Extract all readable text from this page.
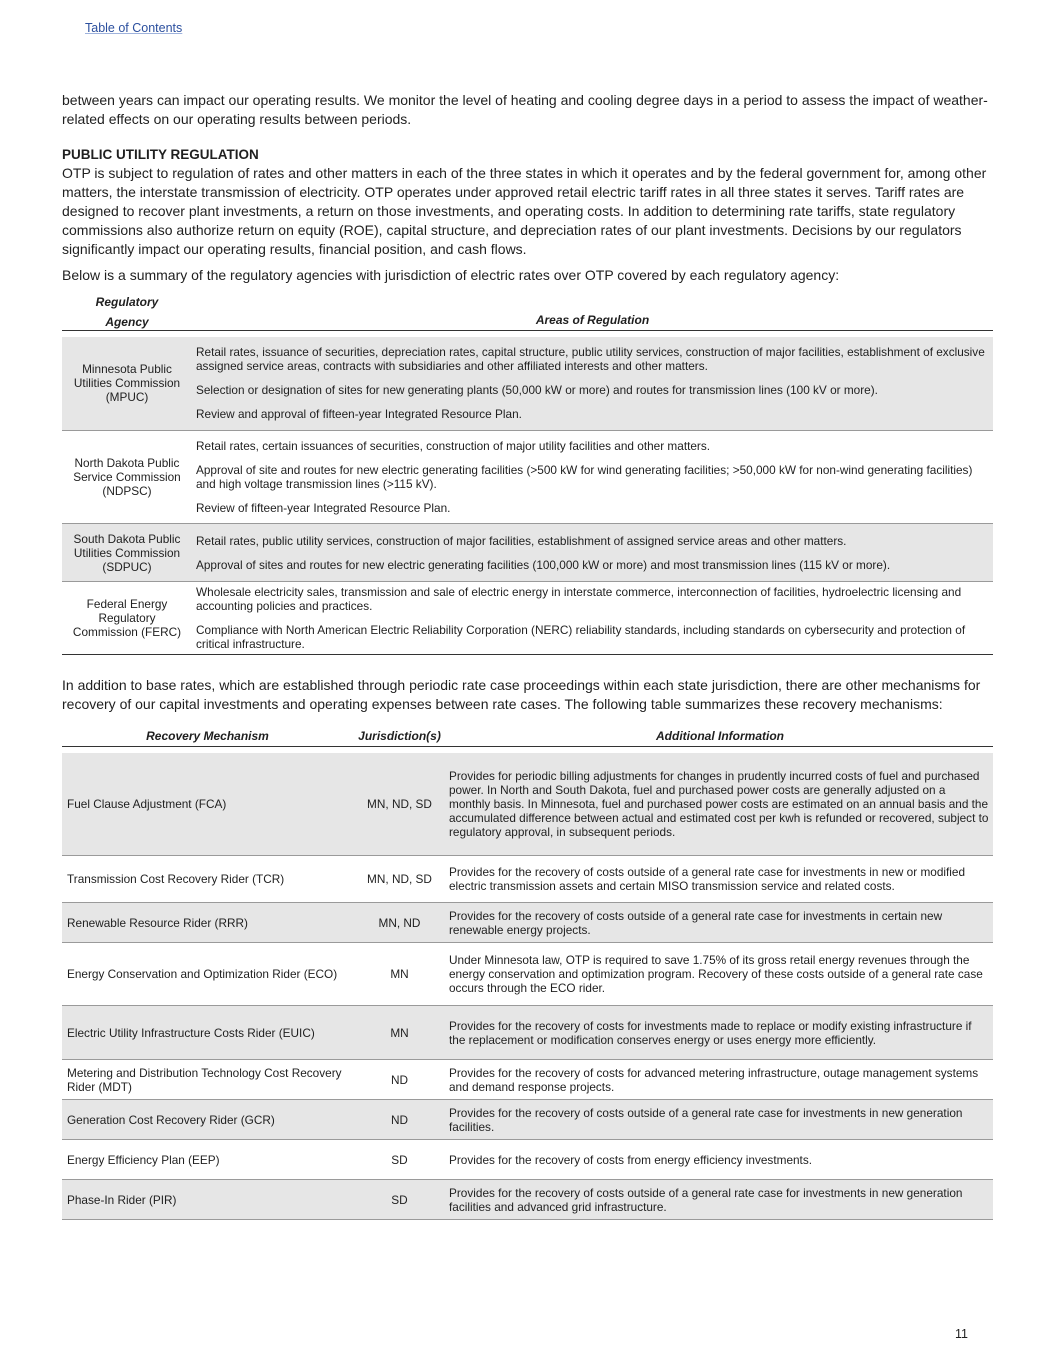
Table of Contents

between years can impact our operating results. We monitor the level of heating and cooling degree days in a period to assess the impact of weather-related effects on our operating results between periods.

PUBLIC UTILITY REGULATION

OTP is subject to regulation of rates and other matters in each of the three states in which it operates and by the federal government for, among other matters, the interstate transmission of electricity. OTP operates under approved retail electric tariff rates in all three states it serves. Tariff rates are designed to recover plant investments, a return on those investments, and operating costs. In addition to determining rate tariffs, state regulatory commissions also authorize return on equity (ROE), capital structure, and depreciation rates of our plant investments. Decisions by our regulators significantly impact our operating results, financial position, and cash flows.

Below is a summary of the regulatory agencies with jurisdiction of electric rates over OTP covered by each regulatory agency:

Regulatory	
Agency	Areas of Regulation

Minnesota Public Utilities Commission (MPUC)	Retail rates, issuance of securities, depreciation rates, capital structure, public utility services, construction of major facilities, establishment of exclusive assigned service areas, contracts with subsidiaries and other affiliated interests and other matters.

Selection or designation of sites for new generating plants (50,000 kW or more) and routes for transmission lines (100 kV or more).

Review and approval of fifteen-year Integrated Resource Plan.

North Dakota Public Service Commission (NDPSC)	Retail rates, certain issuances of securities, construction of major utility facilities and other matters.

Approval of site and routes for new electric generating facilities (>500 kW for wind generating facilities; >50,000 kW for non-wind generating facilities) and high voltage transmission lines (>115 kV).

Review of fifteen-year Integrated Resource Plan.

South Dakota Public Utilities Commission (SDPUC)	Retail rates, public utility services, construction of major facilities, establishment of assigned service areas and other matters.

Approval of sites and routes for new electric generating facilities (100,000 kW or more) and most transmission lines (115 kV or more).

Federal Energy Regulatory Commission (FERC)	Wholesale electricity sales, transmission and sale of electric energy in interstate commerce, interconnection of facilities, hydroelectric licensing and accounting policies and practices.

Compliance with North American Electric Reliability Corporation (NERC) reliability standards, including standards on cybersecurity and protection of critical infrastructure.

In addition to base rates, which are established through periodic rate case proceedings within each state jurisdiction, there are other mechanisms for recovery of our capital investments and operating expenses between rate cases. The following table summarizes these recovery mechanisms:

Recovery Mechanism	Jurisdiction(s)	Additional Information

Fuel Clause Adjustment (FCA)	MN, ND, SD	Provides for periodic billing adjustments for changes in prudently incurred costs of fuel and purchased power. In North and South Dakota, fuel and purchased power costs are generally adjusted on a monthly basis. In Minnesota, fuel and purchased power costs are estimated on an annual basis and the accumulated difference between actual and estimated cost per kwh is refunded or recovered, subject to regulatory approval, in subsequent periods.
Transmission Cost Recovery Rider (TCR)	MN, ND, SD	Provides for the recovery of costs outside of a general rate case for investments in new or modified electric transmission assets and certain MISO transmission service and related costs.
Renewable Resource Rider (RRR)	MN, ND	Provides for the recovery of costs outside of a general rate case for investments in certain new renewable energy projects.
Energy Conservation and Optimization Rider (ECO)	MN	Under Minnesota law, OTP is required to save 1.75% of its gross retail energy revenues through the energy conservation and optimization program. Recovery of these costs outside of a general rate case occurs through the ECO rider.
Electric Utility Infrastructure Costs Rider (EUIC)	MN	Provides for the recovery of costs for investments made to replace or modify existing infrastructure if the replacement or modification conserves energy or uses energy more efficiently.
Metering and Distribution Technology Cost Recovery Rider (MDT)	ND	Provides for the recovery of costs for advanced metering infrastructure, outage management systems and demand response projects.
Generation Cost Recovery Rider (GCR)	ND	Provides for the recovery of costs outside of a general rate case for investments in new generation facilities.
Energy Efficiency Plan (EEP)	SD	Provides for the recovery of costs from energy efficiency investments.
Phase-In Rider (PIR)	SD	Provides for the recovery of costs outside of a general rate case for investments in new generation facilities and advanced grid infrastructure.
11
